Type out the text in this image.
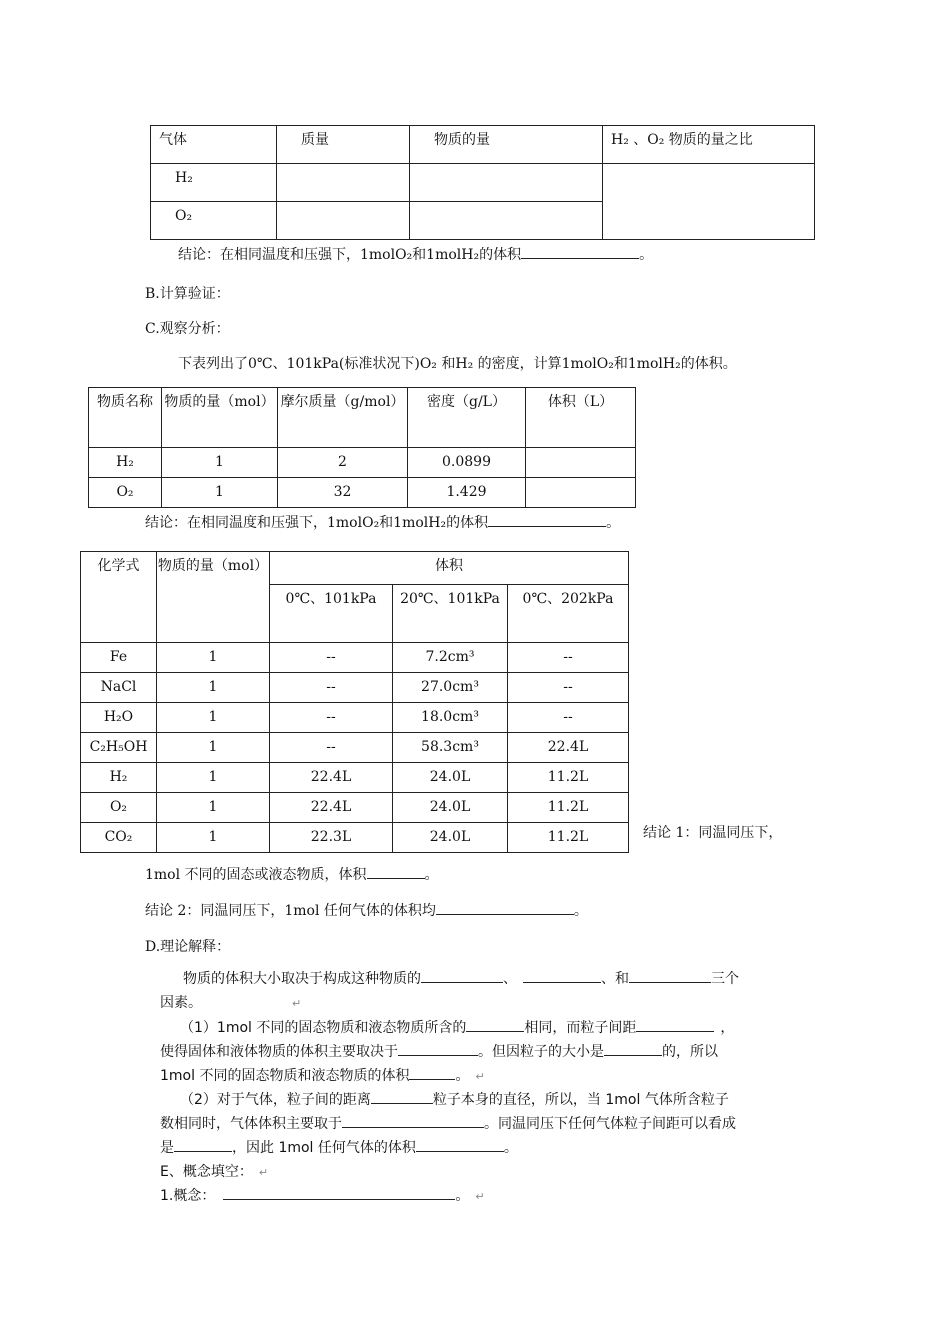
气体	质量	物质的量	H₂ 、O₂ 物质的量之比
H₂			
O₂			
结论：在相同温度和压强下，1molO₂和1molH₂的体积	。
B.计算验证：
C.观察分析：
下表列出了0℃、101kPa(标准状况下)O₂ 和H₂ 的密度，计算1molO₂和1molH₂的体积。
物质名称	物质的量（mol）	摩尔质量（g/mol）	密度（g/L）	体积（L）
H₂	1	2	0.0899	
O₂	1	32	1.429	
结论：在相同温度和压强下，1molO₂和1molH₂的体积	。
化学式	物质的量（mol）	体积		
		0℃、101kPa	20℃、101kPa	0℃、202kPa
Fe	1	--	7.2cm³	--
NaCl	1	--	27.0cm³	--
H₂O	1	--	18.0cm³	--
C₂H₅OH	1	--	58.3cm³	22.4L
H₂	1	22.4L	24.0L	11.2L
O₂	1	22.4L	24.0L	11.2L
CO₂	1	22.3L	24.0L	11.2L	结论 1：同温同压下，
1mol 不同的固态或液态物质，体积	。
结论 2：同温同压下，1mol 任何气体的体积均	。
D.理论解释：
物质的体积大小取决于构成这种物质的	、	、和	三个
因素。	↵
（1）1mol 不同的固态物质和液态物质所含的	相同，而粒子间距	，
使得固体和液体物质的体积主要取决于	。但因粒子的大小是	的，所以
1mol 不同的固态物质和液态物质的体积	。 ↵
（2）对于气体，粒子间的距离	粒子本身的直径，所以，当 1mol 气体所含粒子
数相同时，气体体积主要取于	。同温同压下任何气体粒子间距可以看成
是	，因此 1mol 任何气体的体积	。
E、概念填空： ↵
1.概念：	。 ↵
